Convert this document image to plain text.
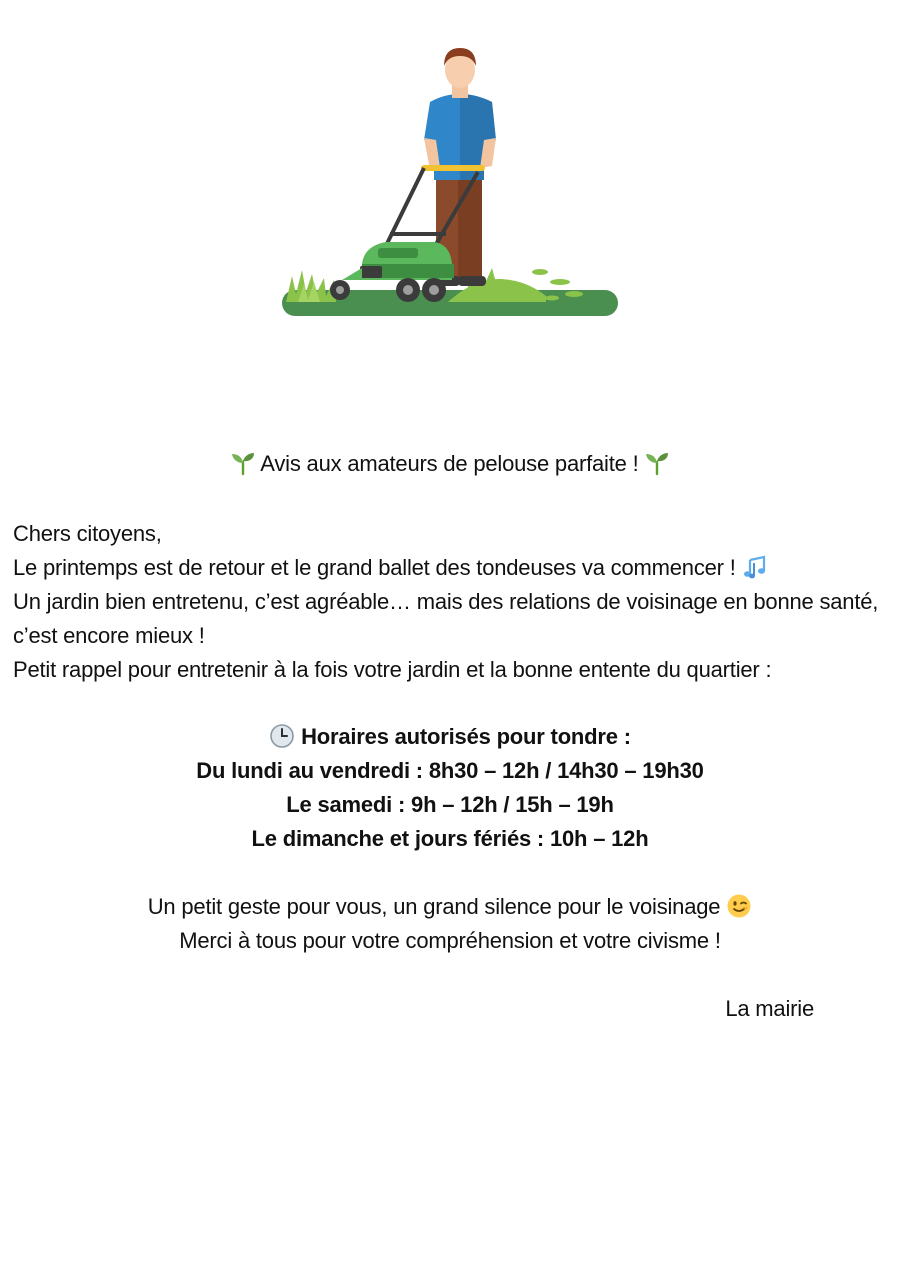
Avis aux amateurs de pelouse parfaite !
Chers citoyens,
Le printemps est de retour et le grand ballet des tondeuses va commencer !
Un jardin bien entretenu, c’est agréable… mais des relations de voisinage en bonne santé, c’est encore mieux !
Petit rappel pour entretenir à la fois votre jardin et la bonne entente du quartier :
Horaires autorisés pour tondre :
Du lundi au vendredi : 8h30 – 12h / 14h30 – 19h30
Le samedi : 9h – 12h / 15h – 19h
Le dimanche et jours fériés : 10h – 12h
Un petit geste pour vous, un grand silence pour le voisinage
Merci à tous pour votre compréhension et votre civisme !
La mairie
